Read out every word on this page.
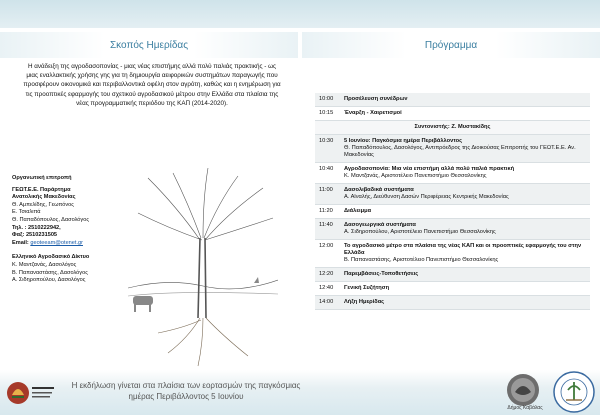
Σκοπός Ημερίδας	Πρόγραμμα

Η ανάδειξη της αγροδασοπονίας - μιας νέας επιστήμης αλλά πολύ παλιάς πρακτικής - ως μιας εναλλακτικής χρήσης γης για τη δημιουργία αειφορικών συστημάτων παραγωγής που προσφέρουν οικονομικά και περιβαλλοντικά οφέλη στον αγρότη, καθώς και η ενημέρωση για τις προοπτικές εφαρμογής του σχετικού αγροδασικού μέτρου στην Ελλάδα στα πλαίσια της νέας προγραμματικής περιόδου της ΚΑΠ (2014-2020).

Οργανωτική επιτροπή
ΓΕΩΤ.Ε.Ε. Παράρτημα
Ανατολικής Μακεδονίας
Θ. Αμπελίδης, Γεωπόνος
Ε. Τσιαλιπά
Θ. Παπαδόπουλος, Δασολόγος
Τηλ. : 2510222942,
Φαξ: 2510231505
Email: geoteeam@otenet.gr
Ελληνικό Αγροδασικό Δίκτυο
Κ. Μαντζανάς, Δασολόγος
Β. Παπαναστάσης, Δασολόγος
Α. Σιδηροπούλου, Δασολόγος
10:00	Προσέλευση συνέδρων
10:15	Έναρξη - Χαιρετισμοί
Συντονιστής: Ζ. Μυστακίδης
10:30	5 Ιουνίου: Παγκόσμια ημέρα Περιβάλλοντος
Θ. Παπαδόπουλος, Δασολόγος, Αντιπρόεδρος της Διοικούσας Επιτροπής του ΓΕΩΤ.Ε.Ε. Αν. Μακεδονίας
10:40	Αγροδασοπονία: Μια νέα επιστήμη αλλά πολύ παλιά πρακτική
Κ. Μαντζανάς, Αριστοτέλειο Πανεπιστήμιο Θεσσαλονίκης
11:00	Δασολιβαδικά συστήματα
Α. Αϊναλής, Διεύθυνση Δασών Περιφέρειας Κεντρικής Μακεδονίας
11:20	Διάλειμμα
11:40	Δασογεωργικά συστήματα
Α. Σιδηροπούλου, Αριστοτέλειο Πανεπιστήμιο Θεσσαλονίκης
12:00	Το αγροδασικό μέτρο στα πλαίσια της νέας ΚΑΠ και οι προοπτικές εφαρμογής του στην Ελλάδα
Β. Παπαναστάσης, Αριστοτέλειο Πανεπιστήμιο Θεσσαλονίκης
12:20	Παρεμβάσεις-Τοποθετήσεις
12:40	Γενική Συζήτηση
14:00	Λήξη Ημερίδας

Η εκδήλωση γίνεται στα πλαίσια των εορτασμών της παγκόσμιας ημέρας Περιβάλλοντος 5 Ιουνίου

Δήμος Καβάλας
